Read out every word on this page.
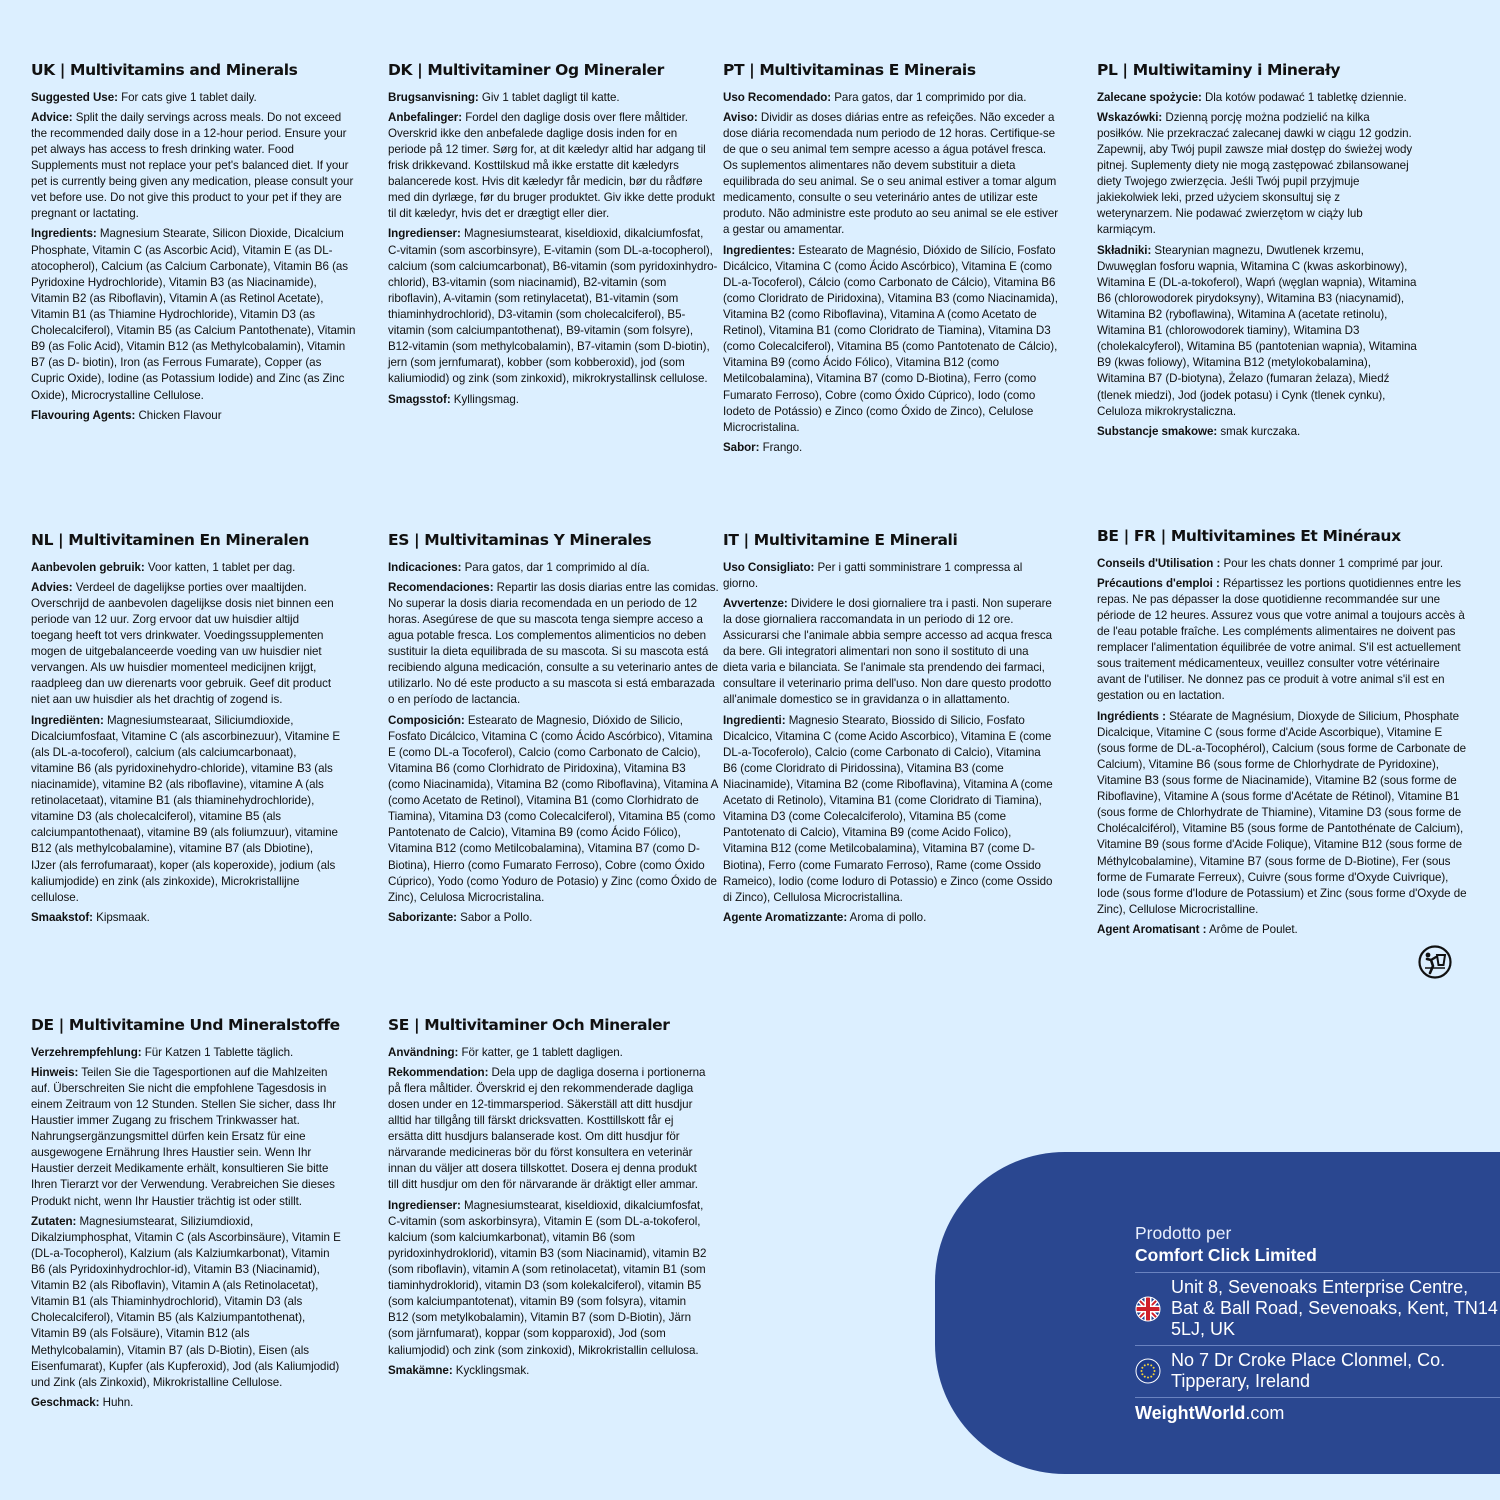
UK | Multivitamins and Minerals

Suggested Use: For cats give 1 tablet daily.

Advice: Split the daily servings across meals. Do not exceed the recommended daily dose in a 12-hour period. Ensure your pet always has access to fresh drinking water. Food Supplements must not replace your pet's balanced diet. If your pet is currently being given any medication, please consult your vet before use. Do not give this product to your pet if they are pregnant or lactating.

Ingredients: Magnesium Stearate, Silicon Dioxide, Dicalcium Phosphate, Vitamin C (as Ascorbic Acid), Vitamin E (as DL-atocopherol), Calcium (as Calcium Carbonate), Vitamin B6 (as Pyridoxine Hydrochloride), Vitamin B3 (as Niacinamide), Vitamin B2 (as Riboflavin), Vitamin A (as Retinol Acetate), Vitamin B1 (as Thiamine Hydrochloride), Vitamin D3 (as Cholecalciferol), Vitamin B5 (as Calcium Pantothenate), Vitamin B9 (as Folic Acid), Vitamin B12 (as Methylcobalamin), Vitamin B7 (as D- biotin), Iron (as Ferrous Fumarate), Copper (as Cupric Oxide), Iodine (as Potassium Iodide) and Zinc (as Zinc Oxide), Microcrystalline Cellulose.

Flavouring Agents: Chicken Flavour

DK | Multivitaminer Og Mineraler

Brugsanvisning: Giv 1 tablet dagligt til katte.

Anbefalinger: Fordel den daglige dosis over flere måltider. Overskrid ikke den anbefalede daglige dosis inden for en periode på 12 timer. Sørg for, at dit kæledyr altid har adgang til frisk drikkevand. Kosttilskud må ikke erstatte dit kæledyrs balancerede kost. Hvis dit kæledyr får medicin, bør du rådføre med din dyrlæge, før du bruger produktet. Giv ikke dette produkt til dit kæledyr, hvis det er drægtigt eller dier.

Ingredienser: Magnesiumstearat, kiseldioxid, dikalciumfosfat, C-vitamin (som ascorbinsyre), E-vitamin (som DL-a-tocopherol), calcium (som calciumcarbonat), B6-vitamin (som pyridoxinhydro-chlorid), B3-vitamin (som niacinamid), B2-vitamin (som riboflavin), A-vitamin (som retinylacetat), B1-vitamin (som thiaminhydrochlorid), D3-vitamin (som cholecalciferol), B5-vitamin (som calciumpantothenat), B9-vitamin (som folsyre), B12-vitamin (som methylcobalamin), B7-vitamin (som D-biotin), jern (som jernfumarat), kobber (som kobberoxid), jod (som kaliumiodid) og zink (som zinkoxid), mikrokrystallinsk cellulose.

Smagsstof: Kyllingsmag.

PT | Multivitaminas E Minerais

Uso Recomendado: Para gatos, dar 1 comprimido por dia.

Aviso: Dividir as doses diárias entre as refeições. Não exceder a dose diária recomendada num periodo de 12 horas. Certifique-se de que o seu animal tem sempre acesso a água potável fresca. Os suplementos alimentares não devem substituir a dieta equilibrada do seu animal. Se o seu animal estiver a tomar algum medicamento, consulte o seu veterinário antes de utilizar este produto. Não administre este produto ao seu animal se ele estiver a gestar ou amamentar.

Ingredientes: Estearato de Magnésio, Dióxido de Silício, Fosfato Dicálcico, Vitamina C (como Ácido Ascórbico), Vitamina E (como DL-a-Tocoferol), Cálcio (como Carbonato de Cálcio), Vitamina B6 (como Cloridrato de Piridoxina), Vitamina B3 (como Niacinamida), Vitamina B2 (como Riboflavina), Vitamina A (como Acetato de Retinol), Vitamina B1 (como Cloridrato de Tiamina), Vitamina D3 (como Colecalciferol), Vitamina B5 (como Pantotenato de Cálcio), Vitamina B9 (como Ácido Fólico), Vitamina B12 (como Metilcobalamina), Vitamina B7 (como D-Biotina), Ferro (como Fumarato Ferroso), Cobre (como Óxido Cúprico), Iodo (como Iodeto de Potássio) e Zinco (como Óxido de Zinco), Celulose Microcristalina.

Sabor: Frango.

PL | Multiwitaminy i Minerały

Zalecane spożycie: Dla kotów podawać 1 tabletkę dziennie.

Wskazówki: Dzienną porcję można podzielić na kilka posiłków. Nie przekraczać zalecanej dawki w ciągu 12 godzin. Zapewnij, aby Twój pupil zawsze miał dostęp do świeżej wody pitnej. Suplementy diety nie mogą zastępować zbilansowanej diety Twojego zwierzęcia. Jeśli Twój pupil przyjmuje jakiekolwiek leki, przed użyciem skonsultuj się z weterynarzem. Nie podawać zwierzętom w ciąży lub karmiącym.

Składniki: Stearynian magnezu, Dwutlenek krzemu, Dwuwęglan fosforu wapnia, Witamina C (kwas askorbinowy), Witamina E (DL-a-tokoferol), Wapń (węglan wapnia), Witamina B6 (chlorowodorek pirydoksyny), Witamina B3 (niacynamid), Witamina B2 (ryboflawina), Witamina A (acetate retinolu), Witamina B1 (chlorowodorek tiaminy), Witamina D3 (cholekalcyferol), Witamina B5 (pantotenian wapnia), Witamina B9 (kwas foliowy), Witamina B12 (metylokobalamina), Witamina B7 (D-biotyna), Żelazo (fumaran żelaza), Miedź (tlenek miedzi), Jod (jodek potasu) i Cynk (tlenek cynku), Celuloza mikrokrystaliczna.

Substancje smakowe: smak kurczaka.

NL | Multivitaminen En Mineralen

Aanbevolen gebruik: Voor katten, 1 tablet per dag.

Advies: Verdeel de dagelijkse porties over maaltijden. Overschrijd de aanbevolen dagelijkse dosis niet binnen een periode van 12 uur. Zorg ervoor dat uw huisdier altijd toegang heeft tot vers drinkwater. Voedingssupplementen mogen de uitgebalanceerde voeding van uw huisdier niet vervangen. Als uw huisdier momenteel medicijnen krijgt, raadpleeg dan uw dierenarts voor gebruik. Geef dit product niet aan uw huisdier als het drachtig of zogend is.

Ingrediënten: Magnesiumstearaat, Siliciumdioxide, Dicalciumfosfaat, Vitamine C (als ascorbinezuur), Vitamine E (als DL-a-tocoferol), calcium (als calciumcarbonaat), vitamine B6 (als pyridoxinehydro-chloride), vitamine B3 (als niacinamide), vitamine B2 (als riboflavine), vitamine A (als retinolacetaat), vitamine B1 (als thiaminehydrochloride), vitamine D3 (als cholecalciferol), vitamine B5 (als calciumpantothenaat), vitamine B9 (als foliumzuur), vitamine B12 (als methylcobalamine), vitamine B7 (als Dbiotine), IJzer (als ferrofumaraat), koper (als koperoxide), jodium (als kaliumjodide) en zink (als zinkoxide), Microkristallijne cellulose.

Smaakstof: Kipsmaak.

ES | Multivitaminas Y Minerales

Indicaciones: Para gatos, dar 1 comprimido al día.

Recomendaciones: Repartir las dosis diarias entre las comidas. No superar la dosis diaria recomendada en un periodo de 12 horas. Asegúrese de que su mascota tenga siempre acceso a agua potable fresca. Los complementos alimenticios no deben sustituir la dieta equilibrada de su mascota. Si su mascota está recibiendo alguna medicación, consulte a su veterinario antes de utilizarlo. No dé este producto a su mascota si está embarazada o en período de lactancia.

Composición: Estearato de Magnesio, Dióxido de Silicio, Fosfato Dicálcico, Vitamina C (como Ácido Ascórbico), Vitamina E (como DL-a Tocoferol), Calcio (como Carbonato de Calcio), Vitamina B6 (como Clorhidrato de Piridoxina), Vitamina B3 (como Niacinamida), Vitamina B2 (como Riboflavina), Vitamina A (como Acetato de Retinol), Vitamina B1 (como Clorhidrato de Tiamina), Vitamina D3 (como Colecalciferol), Vitamina B5 (como Pantotenato de Calcio), Vitamina B9 (como Ácido Fólico), Vitamina B12 (como Metilcobalamina), Vitamina B7 (como D-Biotina), Hierro (como Fumarato Ferroso), Cobre (como Óxido Cúprico), Yodo (como Yoduro de Potasio) y Zinc (como Óxido de Zinc), Celulosa Microcristalina.

Saborizante: Sabor a Pollo.

IT | Multivitamine E Minerali

Uso Consigliato: Per i gatti somministrare 1 compressa al giorno.

Avvertenze: Dividere le dosi giornaliere tra i pasti. Non superare la dose giornaliera raccomandata in un periodo di 12 ore. Assicurarsi che l'animale abbia sempre accesso ad acqua fresca da bere. Gli integratori alimentari non sono il sostituto di una dieta varia e bilanciata. Se l'animale sta prendendo dei farmaci, consultare il veterinario prima dell'uso. Non dare questo prodotto all'animale domestico se in gravidanza o in allattamento.

Ingredienti: Magnesio Stearato, Biossido di Silicio, Fosfato Dicalcico, Vitamina C (come Acido Ascorbico), Vitamina E (come DL-a-Tocoferolo), Calcio (come Carbonato di Calcio), Vitamina B6 (come Cloridrato di Piridossina), Vitamina B3 (come Niacinamide), Vitamina B2 (come Riboflavina), Vitamina A (come Acetato di Retinolo), Vitamina B1 (come Cloridrato di Tiamina), Vitamina D3 (come Colecalciferolo), Vitamina B5 (come Pantotenato di Calcio), Vitamina B9 (come Acido Folico), Vitamina B12 (come Metilcobalamina), Vitamina B7 (come D-Biotina), Ferro (come Fumarato Ferroso), Rame (come Ossido Rameico), Iodio (come Ioduro di Potassio) e Zinco (come Ossido di Zinco), Cellulosa Microcristallina.

Agente Aromatizzante: Aroma di pollo.

BE | FR | Multivitamines Et Minéraux

Conseils d'Utilisation : Pour les chats donner 1 comprimé par jour.

Précautions d'emploi : Répartissez les portions quotidiennes entre les repas. Ne pas dépasser la dose quotidienne recommandée sur une période de 12 heures. Assurez vous que votre animal a toujours accès à de l'eau potable fraîche. Les compléments alimentaires ne doivent pas remplacer l'alimentation équilibrée de votre animal. S'il est actuellement sous traitement médicamenteux, veuillez consulter votre vétérinaire avant de l'utiliser. Ne donnez pas ce produit à votre animal s'il est en gestation ou en lactation.

Ingrédients : Stéarate de Magnésium, Dioxyde de Silicium, Phosphate Dicalcique, Vitamine C (sous forme d'Acide Ascorbique), Vitamine E (sous forme de DL-a-Tocophérol), Calcium (sous forme de Carbonate de Calcium), Vitamine B6 (sous forme de Chlorhydrate de Pyridoxine), Vitamine B3 (sous forme de Niacinamide), Vitamine B2 (sous forme de Riboflavine), Vitamine A (sous forme d'Acétate de Rétinol), Vitamine B1 (sous forme de Chlorhydrate de Thiamine), Vitamine D3 (sous forme de Cholécalciférol), Vitamine B5 (sous forme de Pantothénate de Calcium), Vitamine B9 (sous forme d'Acide Folique), Vitamine B12 (sous forme de Méthylcobalamine), Vitamine B7 (sous forme de D-Biotine), Fer (sous forme de Fumarate Ferreux), Cuivre (sous forme d'Oxyde Cuivrique), Iode (sous forme d'Iodure de Potassium) et Zinc (sous forme d'Oxyde de Zinc), Cellulose Microcristalline.

Agent Aromatisant : Arôme de Poulet.

DE | Multivitamine Und Mineralstoffe

Verzehrempfehlung: Für Katzen 1 Tablette täglich.

Hinweis: Teilen Sie die Tagesportionen auf die Mahlzeiten auf. Überschreiten Sie nicht die empfohlene Tagesdosis in einem Zeitraum von 12 Stunden. Stellen Sie sicher, dass Ihr Haustier immer Zugang zu frischem Trinkwasser hat. Nahrungsergänzungsmittel dürfen kein Ersatz für eine ausgewogene Ernährung Ihres Haustier sein. Wenn Ihr Haustier derzeit Medikamente erhält, konsultieren Sie bitte Ihren Tierarzt vor der Verwendung. Verabreichen Sie dieses Produkt nicht, wenn Ihr Haustier trächtig ist oder stillt.

Zutaten: Magnesiumstearat, Siliziumdioxid, Dikalziumphosphat, Vitamin C (als Ascorbinsäure), Vitamin E (DL-a-Tocopherol), Kalzium (als Kalziumkarbonat), Vitamin B6 (als Pyridoxinhydrochlor-id), Vitamin B3 (Niacinamid), Vitamin B2 (als Riboflavin), Vitamin A (als Retinolacetat), Vitamin B1 (als Thiaminhydrochlorid), Vitamin D3 (als Cholecalciferol), Vitamin B5 (als Kalziumpantothenat), Vitamin B9 (als Folsäure), Vitamin B12 (als Methylcobalamin), Vitamin B7 (als D-Biotin), Eisen (als Eisenfumarat), Kupfer (als Kupferoxid), Jod (als Kaliumjodid) und Zink (als Zinkoxid), Mikrokristalline Cellulose.

Geschmack: Huhn.

SE | Multivitaminer Och Mineraler

Användning: För katter, ge 1 tablett dagligen.

Rekommendation: Dela upp de dagliga doserna i portionerna på flera måltider. Överskrid ej den rekommenderade dagliga dosen under en 12-timmarsperiod. Säkerställ att ditt husdjur alltid har tillgång till färskt dricksvatten. Kosttillskott får ej ersätta ditt husdjurs balanserade kost. Om ditt husdjur för närvarande medicineras bör du först konsultera en veterinär innan du väljer att dosera tillskottet. Dosera ej denna produkt till ditt husdjur om den för närvarande är dräktigt eller ammar.

Ingredienser: Magnesiumstearat, kiseldioxid, dikalciumfosfat, C-vitamin (som askorbinsyra), Vitamin E (som DL-a-tokoferol, kalcium (som kalciumkarbonat), vitamin B6 (som pyridoxinhydroklorid), vitamin B3 (som Niacinamid), vitamin B2 (som riboflavin), vitamin A (som retinolacetat), vitamin B1 (som tiaminhydroklorid), vitamin D3 (som kolekalciferol), vitamin B5 (som kalciumpantotenat), vitamin B9 (som folsyra), vitamin B12 (som metylkobalamin), Vitamin B7 (som D-Biotin), Järn (som järnfumarat), koppar (som kopparoxid), Jod (som kaliumjodid) och zink (som zinkoxid), Mikrokristallin cellulosa.

Smakämne: Kycklingsmak.

Prodotto per
Comfort Click Limited
Unit 8, Sevenoaks Enterprise Centre, Bat & Ball Road, Sevenoaks, Kent, TN14 5LJ, UK
No 7 Dr Croke Place Clonmel, Co. Tipperary, Ireland
WeightWorld.com
